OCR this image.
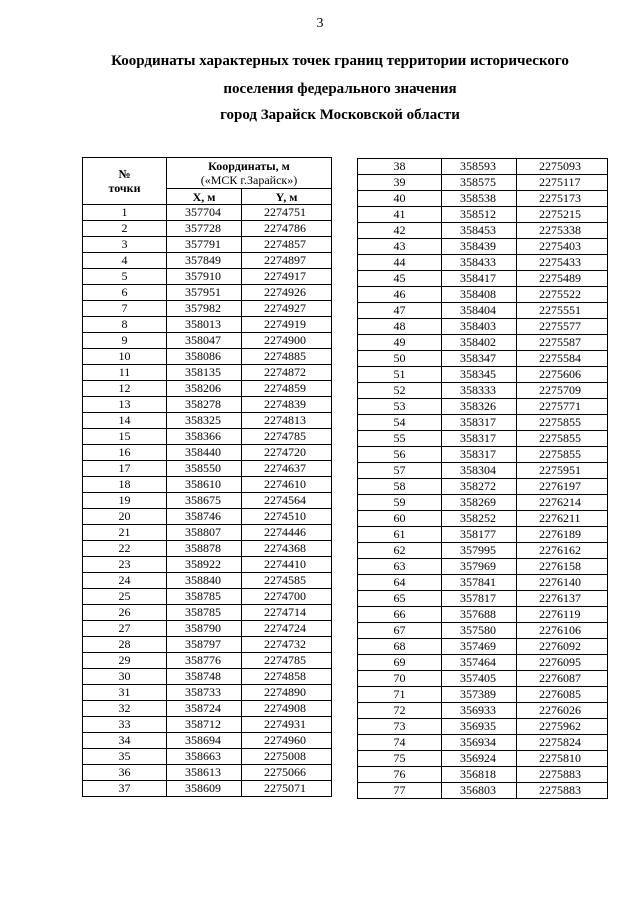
3
Координаты характерных точек границ территории исторического
поселения федерального значения
город Зарайск Московской области
№
точки	Координаты, м	
	(«МСК г.Зарайск»)	
	X, м	Y, м
1	357704	2274751
2	357728	2274786
3	357791	2274857
4	357849	2274897
5	357910	2274917
6	357951	2274926
7	357982	2274927
8	358013	2274919
9	358047	2274900
10	358086	2274885
11	358135	2274872
12	358206	2274859
13	358278	2274839
14	358325	2274813
15	358366	2274785
16	358440	2274720
17	358550	2274637
18	358610	2274610
19	358675	2274564
20	358746	2274510
21	358807	2274446
22	358878	2274368
23	358922	2274410
24	358840	2274585
25	358785	2274700
26	358785	2274714
27	358790	2274724
28	358797	2274732
29	358776	2274785
30	358748	2274858
31	358733	2274890
32	358724	2274908
33	358712	2274931
34	358694	2274960
35	358663	2275008
36	358613	2275066
37	358609	2275071
38	358593	2275093
39	358575	2275117
40	358538	2275173
41	358512	2275215
42	358453	2275338
43	358439	2275403
44	358433	2275433
45	358417	2275489
46	358408	2275522
47	358404	2275551
48	358403	2275577
49	358402	2275587
50	358347	2275584
51	358345	2275606
52	358333	2275709
53	358326	2275771
54	358317	2275855
55	358317	2275855
56	358317	2275855
57	358304	2275951
58	358272	2276197
59	358269	2276214
60	358252	2276211
61	358177	2276189
62	357995	2276162
63	357969	2276158
64	357841	2276140
65	357817	2276137
66	357688	2276119
67	357580	2276106
68	357469	2276092
69	357464	2276095
70	357405	2276087
71	357389	2276085
72	356933	2276026
73	356935	2275962
74	356934	2275824
75	356924	2275810
76	356818	2275883
77	356803	2275883
